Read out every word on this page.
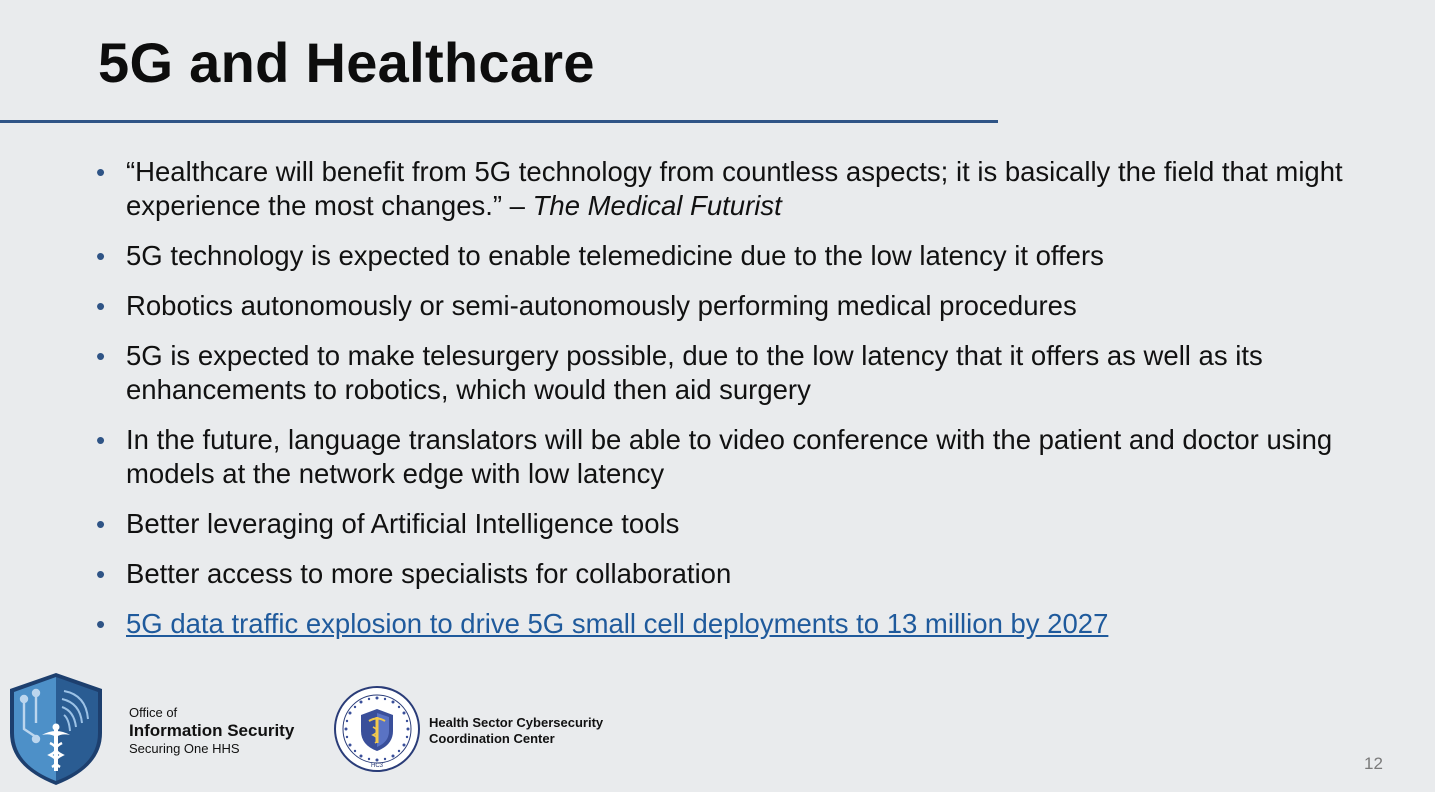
5G and Healthcare
• “Healthcare will benefit from 5G technology from countless aspects; it is basically the field that might experience the most changes.” – The Medical Futurist
• 5G technology is expected to enable telemedicine due to the low latency it offers
• Robotics autonomously or semi-autonomously performing medical procedures
• 5G is expected to make telesurgery possible, due to the low latency that it offers as well as its enhancements to robotics, which would then aid surgery
• In the future, language translators will be able to video conference with the patient and doctor using models at the network edge with low latency
• Better leveraging of Artificial Intelligence tools
• Better access to more specialists for collaboration
• 5G data traffic explosion to drive 5G small cell deployments to 13 million by 2027
Office of
Information Security
Securing One HHS
HC3
Health Sector Cybersecurity
Coordination Center
12
